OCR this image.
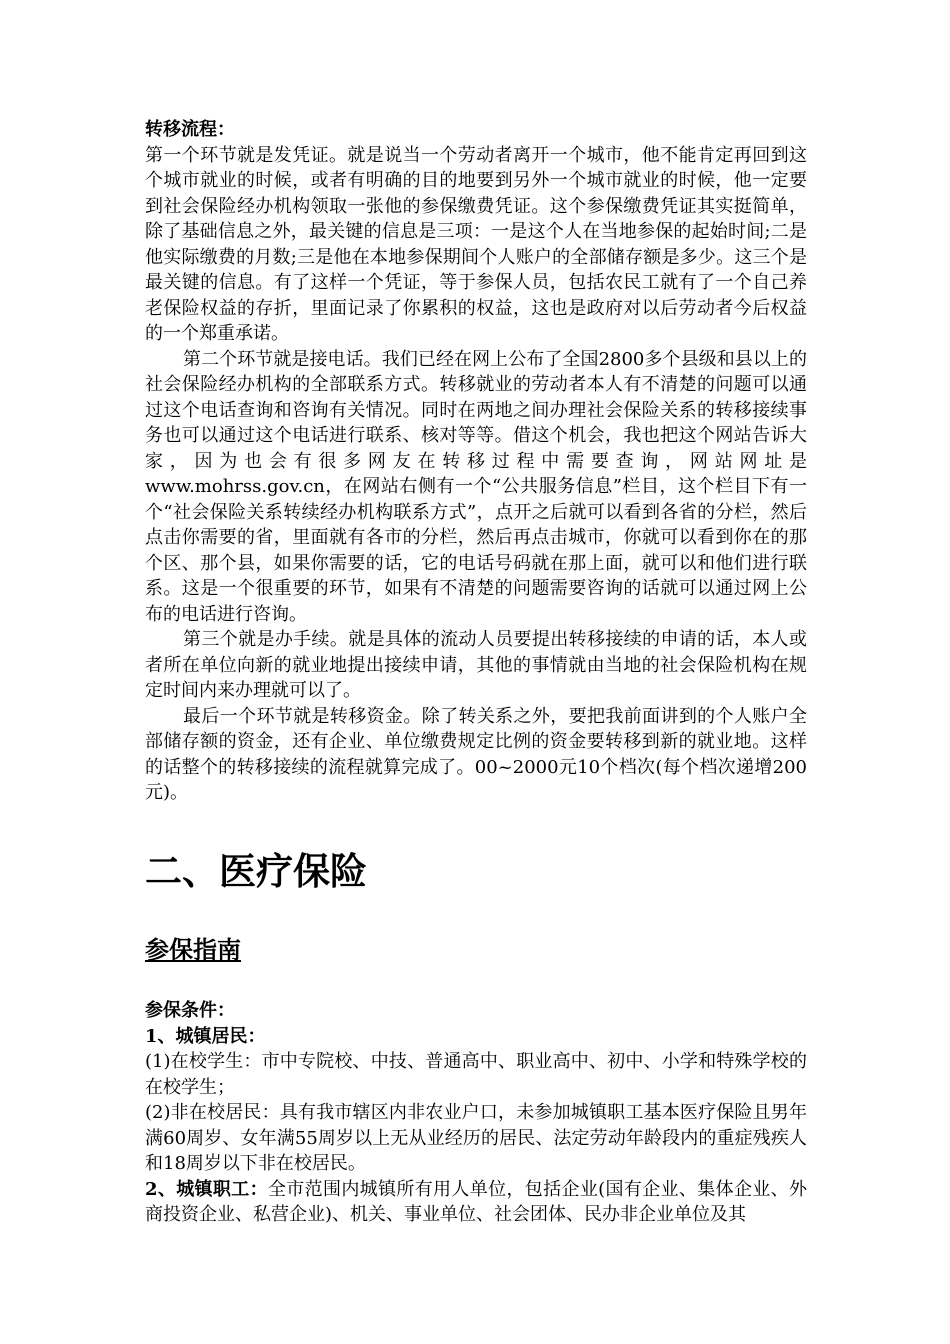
转移流程：

第一个环节就是发凭证。就是说当一个劳动者离开一个城市，他不能肯定再回到这个城市就业的时候，或者有明确的目的地要到另外一个城市就业的时候，他一定要到社会保险经办机构领取一张他的参保缴费凭证。这个参保缴费凭证其实挺简单，除了基础信息之外，最关键的信息是三项：一是这个人在当地参保的起始时间;二是他实际缴费的月数;三是他在本地参保期间个人账户的全部储存额是多少。这三个是最关键的信息。有了这样一个凭证，等于参保人员，包括农民工就有了一个自己养老保险权益的存折，里面记录了你累积的权益，这也是政府对以后劳动者今后权益的一个郑重承诺。

第二个环节就是接电话。我们已经在网上公布了全国2800多个县级和县以上的社会保险经办机构的全部联系方式。转移就业的劳动者本人有不清楚的问题可以通过这个电话查询和咨询有关情况。同时在两地之间办理社会保险关系的转移接续事务也可以通过这个电话进行联系、核对等等。借这个机会，我也把这个网站告诉大家，因为也会有很多网友在转移过程中需要查询，网站网址是www.mohrss.gov.cn，在网站右侧有一个“公共服务信息”栏目，这个栏目下有一个“社会保险关系转续经办机构联系方式”，点开之后就可以看到各省的分栏，然后点击你需要的省，里面就有各市的分栏，然后再点击城市，你就可以看到你在的那个区、那个县，如果你需要的话，它的电话号码就在那上面，就可以和他们进行联系。这是一个很重要的环节，如果有不清楚的问题需要咨询的话就可以通过网上公布的电话进行咨询。

第三个就是办手续。就是具体的流动人员要提出转移接续的申请的话，本人或者所在单位向新的就业地提出接续申请，其他的事情就由当地的社会保险机构在规定时间内来办理就可以了。

最后一个环节就是转移资金。除了转关系之外，要把我前面讲到的个人账户全部储存额的资金，还有企业、单位缴费规定比例的资金要转移到新的就业地。这样的话整个的转移接续的流程就算完成了。00~2000元10个档次(每个档次递增200元)。

二、医疗保险
参保指南

参保条件：

1、城镇居民：

(1)在校学生：市中专院校、中技、普通高中、职业高中、初中、小学和特殊学校的在校学生；

(2)非在校居民：具有我市辖区内非农业户口，未参加城镇职工基本医疗保险且男年满60周岁、女年满55周岁以上无从业经历的居民、法定劳动年龄段内的重症残疾人和18周岁以下非在校居民。

2、城镇职工：全市范围内城镇所有用人单位，包括企业(国有企业、集体企业、外商投资企业、私营企业)、机关、事业单位、社会团体、民办非企业单位及其
